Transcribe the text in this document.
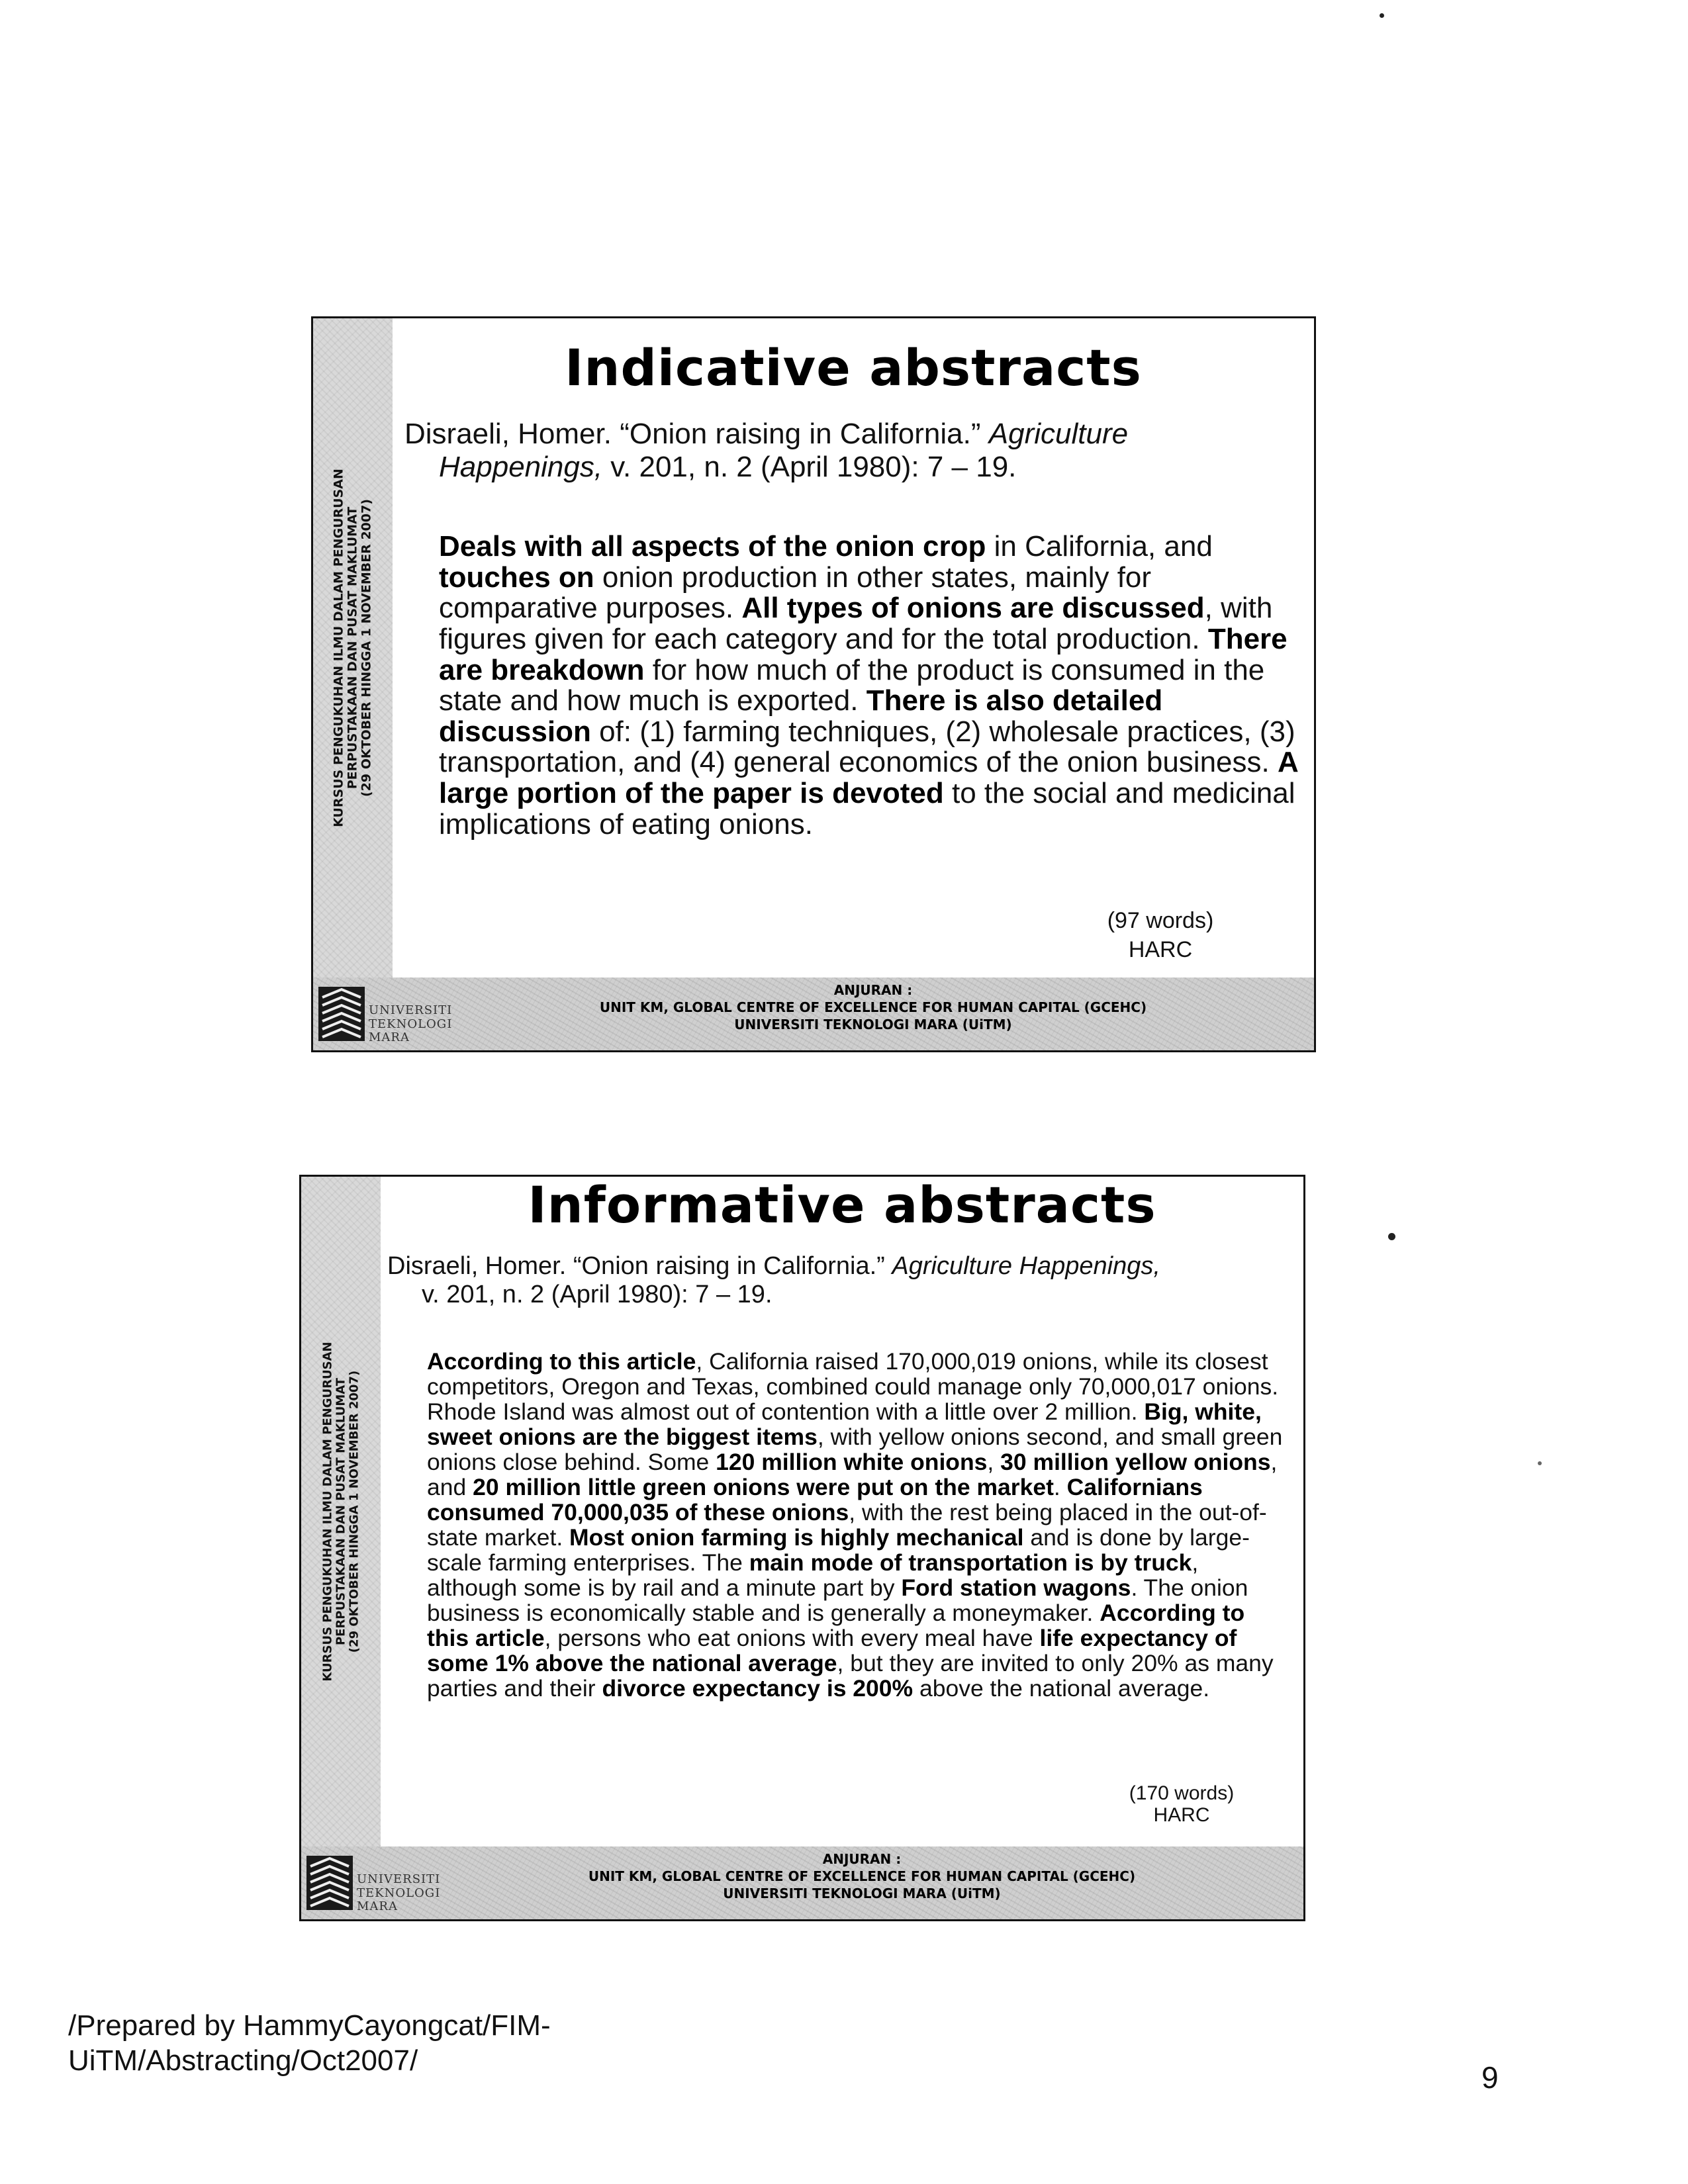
KURSUS PENGUKUHAN ILMU DALAM PENGURUSAN
PERPUSTAKAAN DAN PUSAT MAKLUMAT
(29 OKTOBER HINGGA 1 NOVEMBER 2007)
Indicative abstracts
Disraeli, Homer. “Onion raising in California.” Agriculture
Happenings, v. 201, n. 2 (April 1980): 7 – 19.
Deals with all aspects of the onion crop in California, and touches on onion production in other states, mainly for comparative purposes. All types of onions are discussed, with figures given for each category and for the total production. There are breakdown for how much of the product is consumed in the state and how much is exported. There is also detailed discussion of: (1) farming techniques, (2) wholesale practices, (3) transportation, and (4) general economics of the onion business. A large portion of the paper is devoted to the social and medicinal implications of eating onions.
(97 words)
HARC
UNIVERSITI
TEKNOLOGI
MARA
ANJURAN :
UNIT KM, GLOBAL CENTRE OF EXCELLENCE FOR HUMAN CAPITAL (GCEHC)
UNIVERSITI TEKNOLOGI MARA (UiTM)
KURSUS PENGUKUHAN ILMU DALAM PENGURUSAN
PERPUSTAKAAN DAN PUSAT MAKLUMAT
(29 OKTOBER HINGGA 1 NOVEMBER 2007)
Informative abstracts
Disraeli, Homer. “Onion raising in California.” Agriculture Happenings,
v. 201, n. 2 (April 1980): 7 – 19.
According to this article, California raised 170,000,019 onions, while its closest competitors, Oregon and Texas, combined could manage only 70,000,017 onions. Rhode Island was almost out of contention with a little over 2 million. Big, white, sweet onions are the biggest items, with yellow onions second, and small green onions close behind. Some 120 million white onions, 30 million yellow onions, and 20 million little green onions were put on the market. Californians consumed 70,000,035 of these onions, with the rest being placed in the out-of-state market. Most onion farming is highly mechanical and is done by large-scale farming enterprises. The main mode of transportation is by truck, although some is by rail and a minute part by Ford station wagons. The onion business is economically stable and is generally a moneymaker. According to this article, persons who eat onions with every meal have life expectancy of some 1% above the national average, but they are invited to only 20% as many parties and their divorce expectancy is 200% above the national average.
(170 words)
HARC
UNIVERSITI
TEKNOLOGI
MARA
ANJURAN :
UNIT KM, GLOBAL CENTRE OF EXCELLENCE FOR HUMAN CAPITAL (GCEHC)
UNIVERSITI TEKNOLOGI MARA (UiTM)
/Prepared by HammyCayongcat/FIM-
UiTM/Abstracting/Oct2007/	9
